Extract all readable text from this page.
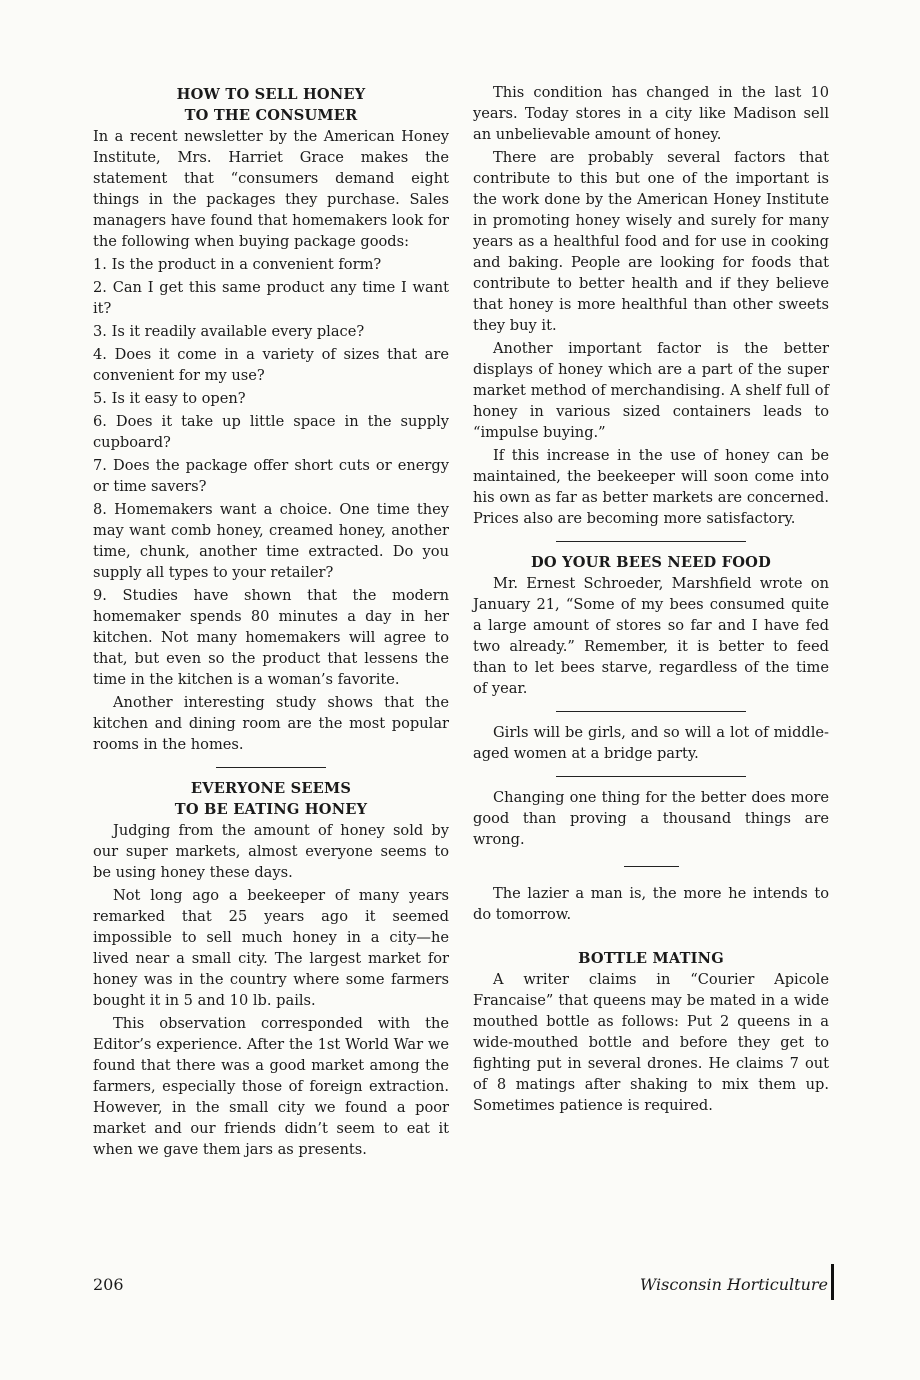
HOW TO SELL HONEY
TO THE CONSUMER

In a recent newsletter by the American Honey Institute, Mrs. Harriet Grace makes the statement that “consumers demand eight things in the packages they purchase. Sales managers have found that homemakers look for the following when buying package goods:

1. Is the product in a convenient form?

2. Can I get this same product any time I want it?

3. Is it readily available every place?

4. Does it come in a variety of sizes that are convenient for my use?

5. Is it easy to open?

6. Does it take up little space in the supply cupboard?

7. Does the package offer short cuts or energy or time savers?

8. Homemakers want a choice. One time they may want comb honey, creamed honey, another time, chunk, another time extracted. Do you supply all types to your retailer?

9. Studies have shown that the modern homemaker spends 80 minutes a day in her kitchen. Not many homemakers will agree to that, but even so the product that lessens the time in the kitchen is a woman’s favorite.

Another interesting study shows that the kitchen and dining room are the most popular rooms in the homes.

EVERYONE SEEMS
TO BE EATING HONEY

Judging from the amount of honey sold by our super markets, almost everyone seems to be using honey these days.

Not long ago a beekeeper of many years remarked that 25 years ago it seemed impossible to sell much honey in a city—he lived near a small city. The largest market for honey was in the country where some farmers bought it in 5 and 10 lb. pails.

This observation corresponded with the Editor’s experience. After the 1st World War we found that there was a good market among the farmers, especially those of foreign extraction. However, in the small city we found a poor market and our friends didn’t seem to eat it when we gave them jars as presents.

This condition has changed in the last 10 years. Today stores in a city like Madison sell an unbelievable amount of honey.

There are probably several factors that contribute to this but one of the important is the work done by the American Honey Institute in promoting honey wisely and surely for many years as a healthful food and for use in cooking and baking. People are looking for foods that contribute to better health and if they believe that honey is more healthful than other sweets they buy it.

Another important factor is the better displays of honey which are a part of the super market method of merchandising. A shelf full of honey in various sized containers leads to “impulse buying.”

If this increase in the use of honey can be maintained, the beekeeper will soon come into his own as far as better markets are concerned. Prices also are becoming more satisfactory.

DO YOUR BEES NEED FOOD

Mr. Ernest Schroeder, Marshfield wrote on January 21, “Some of my bees consumed quite a large amount of stores so far and I have fed two already.” Remember, it is better to feed than to let bees starve, regardless of the time of year.

Girls will be girls, and so will a lot of middle-aged women at a bridge party.

Changing one thing for the better does more good than proving a thousand things are wrong.

The lazier a man is, the more he intends to do tomorrow.

BOTTLE MATING

A writer claims in “Courier Apicole Francaise” that queens may be mated in a wide mouthed bottle as follows: Put 2 queens in a wide-mouthed bottle and before they get to fighting put in several drones. He claims 7 out of 8 matings after shaking to mix them up. Sometimes patience is required.

206	Wisconsin Horticulture
